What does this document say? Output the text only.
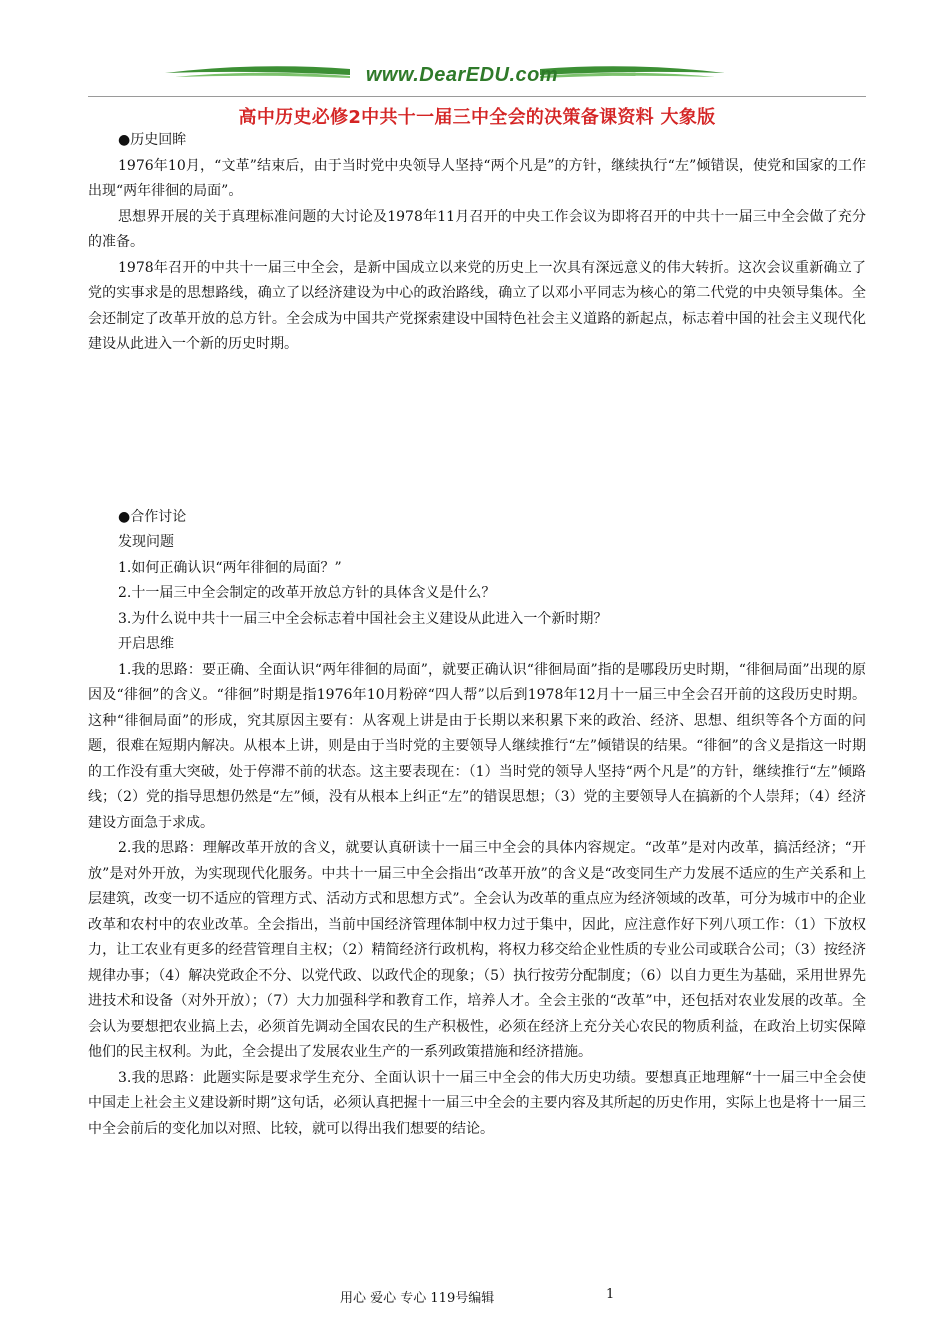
www.DearEDU.com
高中历史必修2中共十一届三中全会的决策备课资料 大象版

●历史回眸

1976年10月，“文革”结束后，由于当时党中央领导人坚持“两个凡是”的方针，继续执行“左”倾错误，使党和国家的工作出现“两年徘徊的局面”。

思想界开展的关于真理标准问题的大讨论及1978年11月召开的中央工作会议为即将召开的中共十一届三中全会做了充分的准备。

1978年召开的中共十一届三中全会，是新中国成立以来党的历史上一次具有深远意义的伟大转折。这次会议重新确立了党的实事求是的思想路线，确立了以经济建设为中心的政治路线，确立了以邓小平同志为核心的第二代党的中央领导集体。全会还制定了改革开放的总方针。全会成为中国共产党探索建设中国特色社会主义道路的新起点，标志着中国的社会主义现代化建设从此进入一个新的历史时期。

●合作讨论

发现问题

1.如何正确认识“两年徘徊的局面？”

2.十一届三中全会制定的改革开放总方针的具体含义是什么？

3.为什么说中共十一届三中全会标志着中国社会主义建设从此进入一个新时期？

开启思维

1.我的思路：要正确、全面认识“两年徘徊的局面”，就要正确认识“徘徊局面”指的是哪段历史时期，“徘徊局面”出现的原因及“徘徊”的含义。“徘徊”时期是指1976年10月粉碎“四人帮”以后到1978年12月十一届三中全会召开前的这段历史时期。这种“徘徊局面”的形成，究其原因主要有：从客观上讲是由于长期以来积累下来的政治、经济、思想、组织等各个方面的问题，很难在短期内解决。从根本上讲，则是由于当时党的主要领导人继续推行“左”倾错误的结果。“徘徊”的含义是指这一时期的工作没有重大突破，处于停滞不前的状态。这主要表现在：（1）当时党的领导人坚持“两个凡是”的方针，继续推行“左”倾路线；（2）党的指导思想仍然是“左”倾，没有从根本上纠正“左”的错误思想；（3）党的主要领导人在搞新的个人崇拜；（4）经济建设方面急于求成。

2.我的思路：理解改革开放的含义，就要认真研读十一届三中全会的具体内容规定。“改革”是对内改革，搞活经济；“开放”是对外开放，为实现现代化服务。中共十一届三中全会指出“改革开放”的含义是“改变同生产力发展不适应的生产关系和上层建筑，改变一切不适应的管理方式、活动方式和思想方式”。全会认为改革的重点应为经济领域的改革，可分为城市中的企业改革和农村中的农业改革。全会指出，当前中国经济管理体制中权力过于集中，因此，应注意作好下列八项工作：（1）下放权力，让工农业有更多的经营管理自主权；（2）精简经济行政机构，将权力移交给企业性质的专业公司或联合公司；（3）按经济规律办事；（4）解决党政企不分、以党代政、以政代企的现象；（5）执行按劳分配制度；（6）以自力更生为基础，采用世界先进技术和设备（对外开放）；（7）大力加强科学和教育工作，培养人才。全会主张的“改革”中，还包括对农业发展的改革。全会认为要想把农业搞上去，必须首先调动全国农民的生产积极性，必须在经济上充分关心农民的物质利益，在政治上切实保障他们的民主权利。为此，全会提出了发展农业生产的一系列政策措施和经济措施。

3.我的思路：此题实际是要求学生充分、全面认识十一届三中全会的伟大历史功绩。要想真正地理解“十一届三中全会使中国走上社会主义建设新时期”这句话，必须认真把握十一届三中全会的主要内容及其所起的历史作用，实际上也是将十一届三中全会前后的变化加以对照、比较，就可以得出我们想要的结论。

用心 爱心 专心 119号编辑	1
